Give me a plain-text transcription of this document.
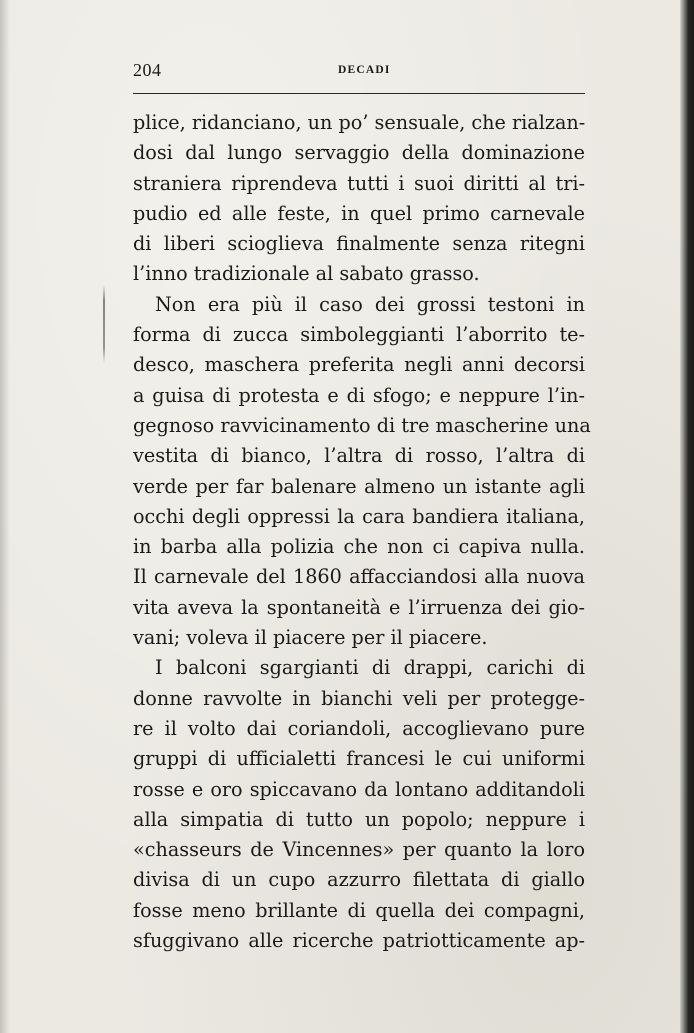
204	DECADI
plice, ridanciano, un po’ sensuale, che rialzan-
dosi dal lungo servaggio della dominazione
straniera riprendeva tutti i suoi diritti al tri-
pudio ed alle feste, in quel primo carnevale
di liberi scioglieva finalmente senza ritegni
l’inno tradizionale al sabato grasso.
Non era più il caso dei grossi testoni in
forma di zucca simboleggianti l’aborrito te-
desco, maschera preferita negli anni decorsi
a guisa di protesta e di sfogo; e neppure l’in-
gegnoso ravvicinamento di tre mascherine una
vestita di bianco, l’altra di rosso, l’altra di
verde per far balenare almeno un istante agli
occhi degli oppressi la cara bandiera italiana,
in barba alla polizia che non ci capiva nulla.
Il carnevale del 1860 affacciandosi alla nuova
vita aveva la spontaneità e l’irruenza dei gio-
vani; voleva il piacere per il piacere.
I balconi sgargianti di drappi, carichi di
donne ravvolte in bianchi veli per protegge-
re il volto dai coriandoli, accoglievano pure
gruppi di ufficialetti francesi le cui uniformi
rosse e oro spiccavano da lontano additandoli
alla simpatia di tutto un popolo; neppure i
«chasseurs de Vincennes» per quanto la loro
divisa di un cupo azzurro filettata di giallo
fosse meno brillante di quella dei compagni,
sfuggivano alle ricerche patriotticamente ap-
